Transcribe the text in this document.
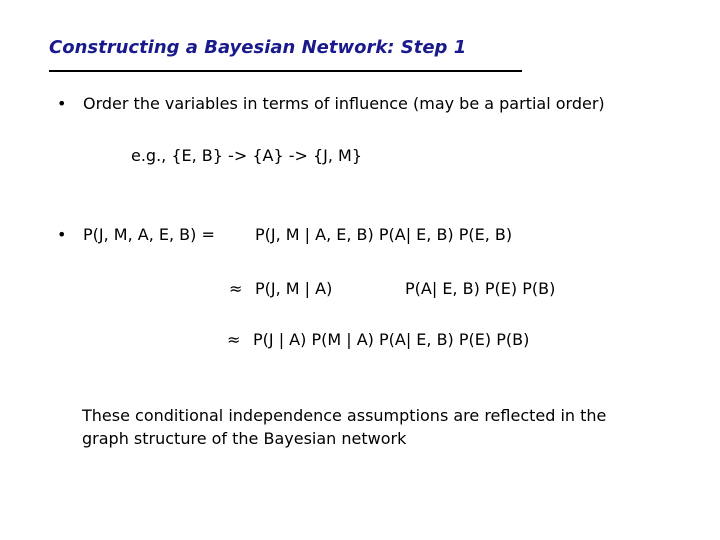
Constructing a Bayesian Network: Step 1
• Order the variables in terms of influence (may be a partial order)
e.g., {E, B} -> {A} -> {J, M}
• P(J, M, A, E, B) =	P(J, M | A, E, B) P(A| E, B) P(E, B)
≈ P(J, M | A)	P(A| E, B) P(E) P(B)
≈ P(J | A) P(M | A) P(A| E, B) P(E) P(B)
These conditional independence assumptions are reflected in the
graph structure of the Bayesian network
